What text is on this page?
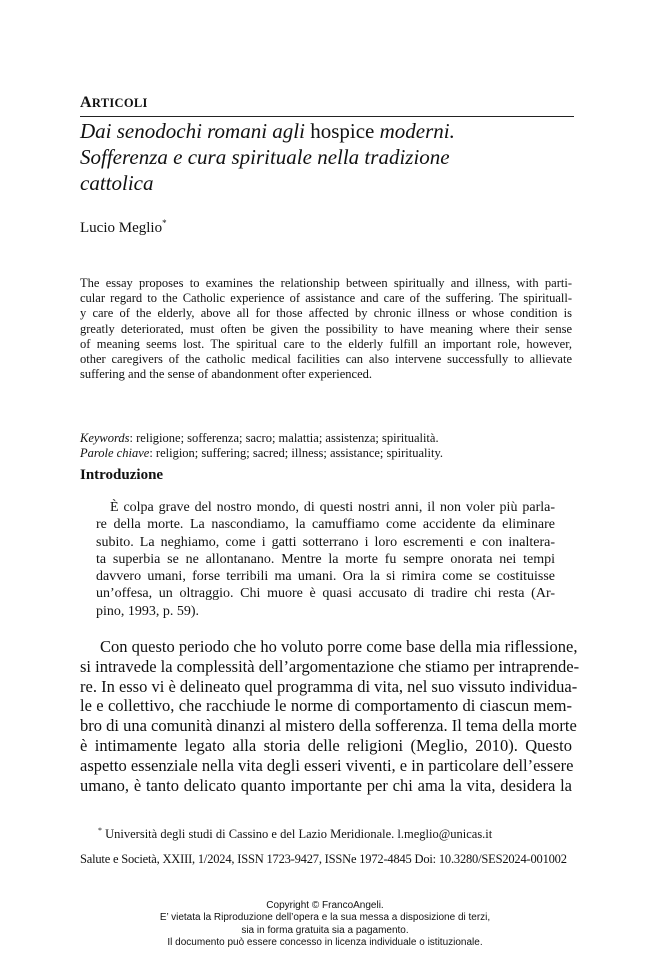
ARTICOLI
Dai senodochi romani agli hospice moderni.
Sofferenza e cura spirituale nella tradizione
cattolica
Lucio Meglio*
The essay proposes to examines the relationship between spiritually and illness, with parti-
cular regard to the Catholic experience of assistance and care of the suffering. The spirituall-
y care of the elderly, above all for those affected by chronic illness or whose condition is
greatly deteriorated, must often be given the possibility to have meaning where their sense
of meaning seems lost. The spiritual care to the elderly fulfill an important role, however,
other caregivers of the catholic medical facilities can also intervene successfully to allievate
suffering and the sense of abandonment ofter experienced.
Keywords: religione; sofferenza; sacro; malattia; assistenza; spiritualità.
Parole chiave: religion; suffering; sacred; illness; assistance; spirituality.
Introduzione
È colpa grave del nostro mondo, di questi nostri anni, il non voler più parla-
re della morte. La nascondiamo, la camuffiamo come accidente da eliminare
subito. La neghiamo, come i gatti sotterrano i loro escrementi e con inaltera-
ta superbia se ne allontanano. Mentre la morte fu sempre onorata nei tempi
davvero umani, forse terribili ma umani. Ora la si rimira come se costituisse
un’offesa, un oltraggio. Chi muore è quasi accusato di tradire chi resta (Ar-
pino, 1993, p. 59).
Con questo periodo che ho voluto porre come base della mia riflessione,
si intravede la complessità dell’argomentazione che stiamo per intraprende-
re. In esso vi è delineato quel programma di vita, nel suo vissuto individua-
le e collettivo, che racchiude le norme di comportamento di ciascun mem-
bro di una comunità dinanzi al mistero della sofferenza. Il tema della morte
è intimamente legato alla storia delle religioni (Meglio, 2010). Questo
aspetto essenziale nella vita degli esseri viventi, e in particolare dell’essere
umano, è tanto delicato quanto importante per chi ama la vita, desidera la
* Università degli studi di Cassino e del Lazio Meridionale. l.meglio@unicas.it
Salute e Società, XXIII, 1/2024, ISSN 1723-9427, ISSNe 1972-4845 Doi: 10.3280/SES2024-001002
Copyright © FrancoAngeli.
E’ vietata la Riproduzione dell’opera e la sua messa a disposizione di terzi,
sia in forma gratuita sia a pagamento.
Il documento può essere concesso in licenza individuale o istituzionale.
